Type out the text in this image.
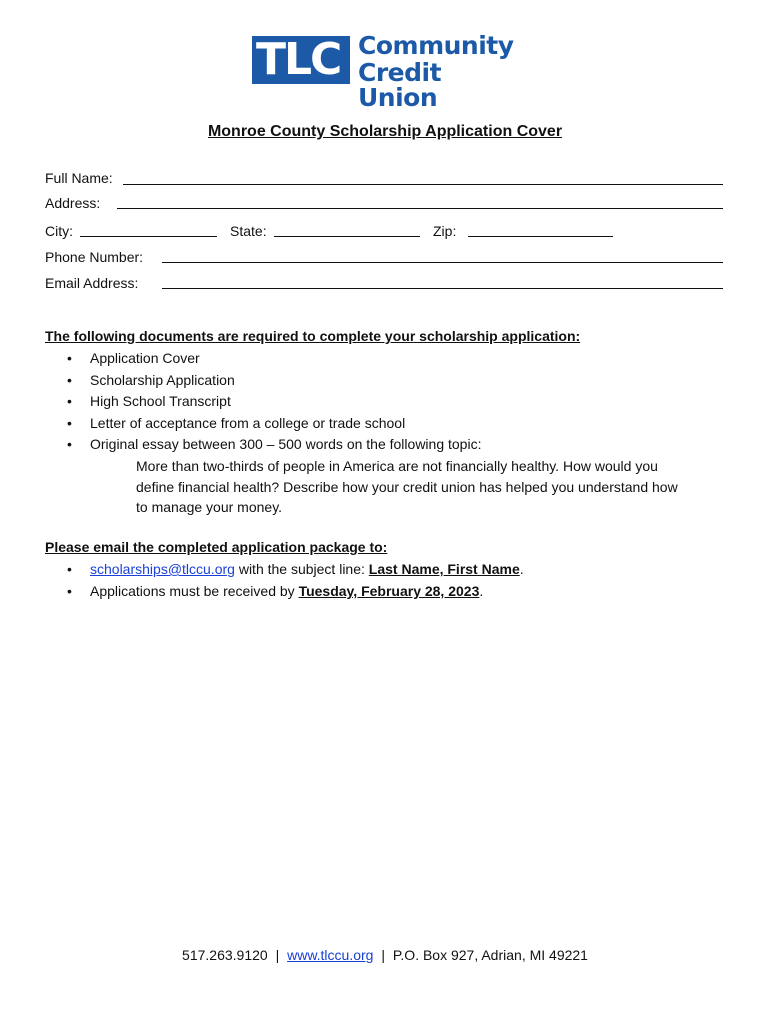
TLC Community
Credit Union
Monroe County Scholarship Application Cover
Full Name:
Address:
City:	State:	Zip:
Phone Number:
Email Address:
The following documents are required to complete your scholarship application:
• Application Cover
• Scholarship Application
• High School Transcript
• Letter of acceptance from a college or trade school
• Original essay between 300 – 500 words on the following topic:
More than two-thirds of people in America are not financially healthy. How would you
define financial health? Describe how your credit union has helped you understand how
to manage your money.
Please email the completed application package to:
• scholarships@tlccu.org with the subject line: Last Name, First Name.
• Applications must be received by Tuesday, February 28, 2023.
517.263.9120 | www.tlccu.org | P.O. Box 927, Adrian, MI 49221
